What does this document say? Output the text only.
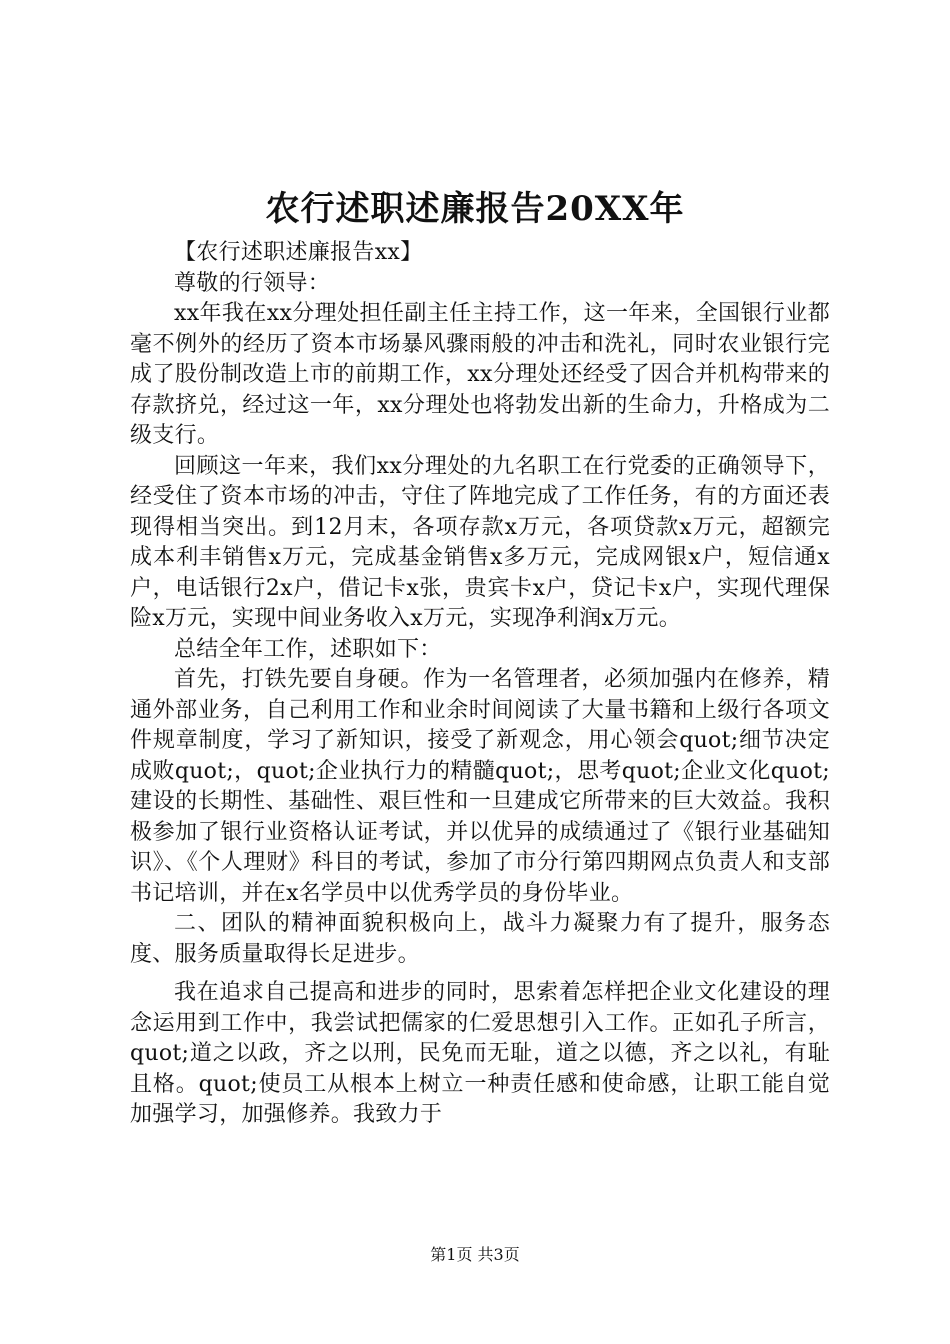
农行述职述廉报告20XX年

【农行述职述廉报告xx】

尊敬的行领导：

xx年我在xx分理处担任副主任主持工作，这一年来，全国银行业都毫不例外的经历了资本市场暴风骤雨般的冲击和洗礼，同时农业银行完成了股份制改造上市的前期工作，xx分理处还经受了因合并机构带来的存款挤兑，经过这一年，xx分理处也将勃发出新的生命力，升格成为二级支行。

回顾这一年来，我们xx分理处的九名职工在行党委的正确领导下，经受住了资本市场的冲击，守住了阵地完成了工作任务，有的方面还表现得相当突出。到12月末，各项存款x万元，各项贷款x万元，超额完成本利丰销售x万元，完成基金销售x多万元，完成网银x户，短信通x户，电话银行2x户，借记卡x张，贵宾卡x户，贷记卡x户，实现代理保险x万元，实现中间业务收入x万元，实现净利润x万元。

总结全年工作，述职如下：

首先，打铁先要自身硬。作为一名管理者，必须加强内在修养，精通外部业务，自己利用工作和业余时间阅读了大量书籍和上级行各项文件规章制度，学习了新知识，接受了新观念，用心领会quot;细节决定成败quot;，quot;企业执行力的精髓quot;，思考quot;企业文化quot;建设的长期性、基础性、艰巨性和一旦建成它所带来的巨大效益。我积极参加了银行业资格认证考试，并以优异的成绩通过了《银行业基础知识》、《个人理财》科目的考试，参加了市分行第四期网点负责人和支部书记培训，并在x名学员中以优秀学员的身份毕业。

二、团队的精神面貌积极向上，战斗力凝聚力有了提升，服务态度、服务质量取得长足进步。

我在追求自己提高和进步的同时，思索着怎样把企业文化建设的理念运用到工作中，我尝试把儒家的仁爱思想引入工作。正如孔子所言，quot;道之以政，齐之以刑，民免而无耻，道之以德，齐之以礼，有耻且格。quot;使员工从根本上树立一种责任感和使命感，让职工能自觉加强学习，加强修养。我致力于

第1页 共3页
